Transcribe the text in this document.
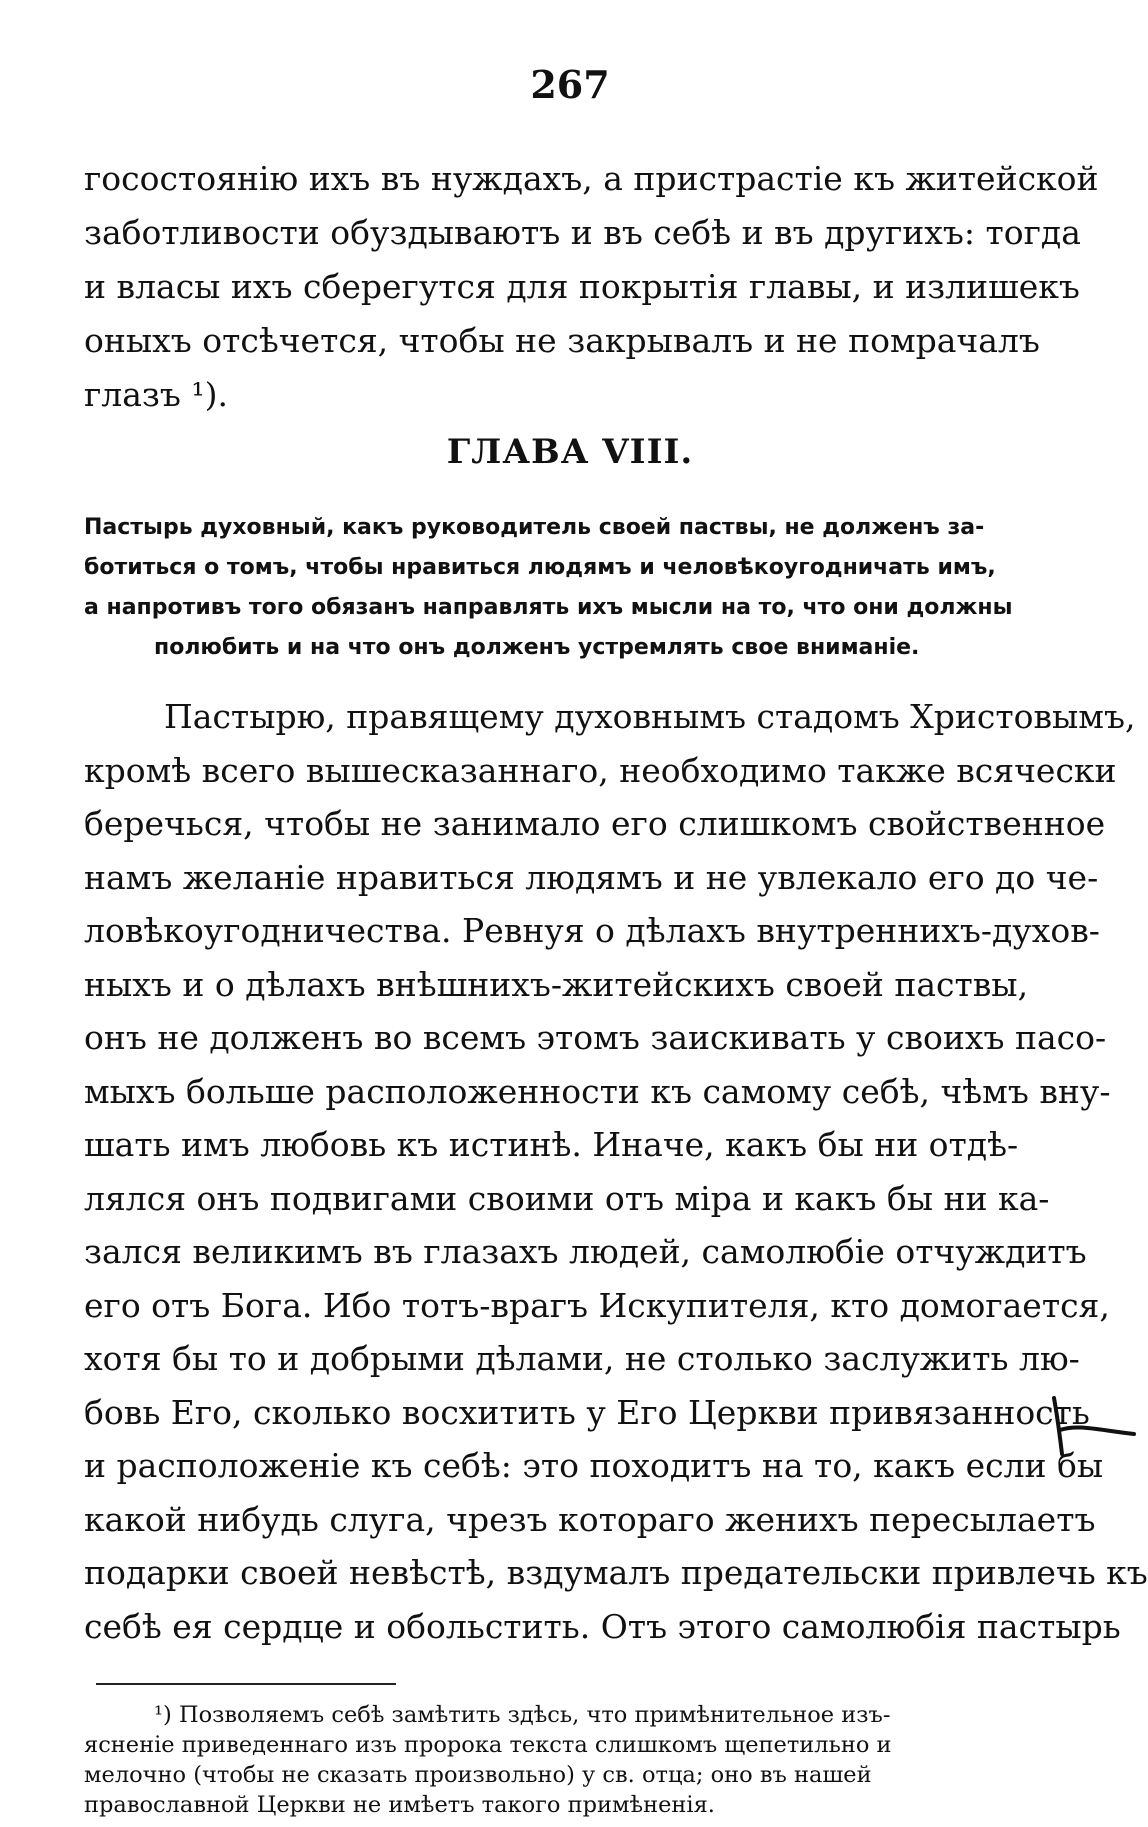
267
госостоянію ихъ въ нуждахъ, а пристрастіе къ житейской
заботливости обуздываютъ и въ себѣ и въ другихъ: тогда
и власы ихъ сберегутся для покрытія главы, и излишекъ
оныхъ отсѣчется, чтобы не закрывалъ и не помрачалъ
глазъ ¹).
ГЛАВА VIII.
Пастырь духовный, какъ руководитель своей паствы, не долженъ за-
ботиться о томъ, чтобы нравиться людямъ и человѣкоугодничать имъ,
а напротивъ того обязанъ направлять ихъ мысли на то, что они должны
полюбить и на что онъ долженъ устремлять свое вниманіе.
Пастырю, правящему духовнымъ стадомъ Христовымъ,
кромѣ всего вышесказаннаго, необходимо также всячески
беречься, чтобы не занимало его слишкомъ свойственное
намъ желаніе нравиться людямъ и не увлекало его до че-
ловѣкоугодничества. Ревнуя о дѣлахъ внутреннихъ-духов-
ныхъ и о дѣлахъ внѣшнихъ-житейскихъ своей паствы,
онъ не долженъ во всемъ этомъ заискивать у своихъ пасо-
мыхъ больше расположенности къ самому себѣ, чѣмъ вну-
шать имъ любовь къ истинѣ. Иначе, какъ бы ни отдѣ-
лялся онъ подвигами своими отъ міра и какъ бы ни ка-
зался великимъ въ глазахъ людей, самолюбіе отчуждитъ
его отъ Бога. Ибо тотъ-врагъ Искупителя, кто домогается,
хотя бы то и добрыми дѣлами, не столько заслужить лю-
бовь Его, сколько восхитить у Его Церкви привязанность
и расположеніе къ себѣ: это походитъ на то, какъ если бы
какой нибудь слуга, чрезъ котораго женихъ пересылаетъ
подарки своей невѣстѣ, вздумалъ предательски привлечь къ
себѣ ея сердце и обольстить. Отъ этого самолюбія пастырь
¹) Позволяемъ себѣ замѣтить здѣсь, что примѣнительное изъ-
ясненіе приведеннаго изъ пророка текста слишкомъ щепетильно и
мелочно (чтобы не сказать произвольно) у св. отца; оно въ нашей
православной Церкви не имѣетъ такого примѣненія.
